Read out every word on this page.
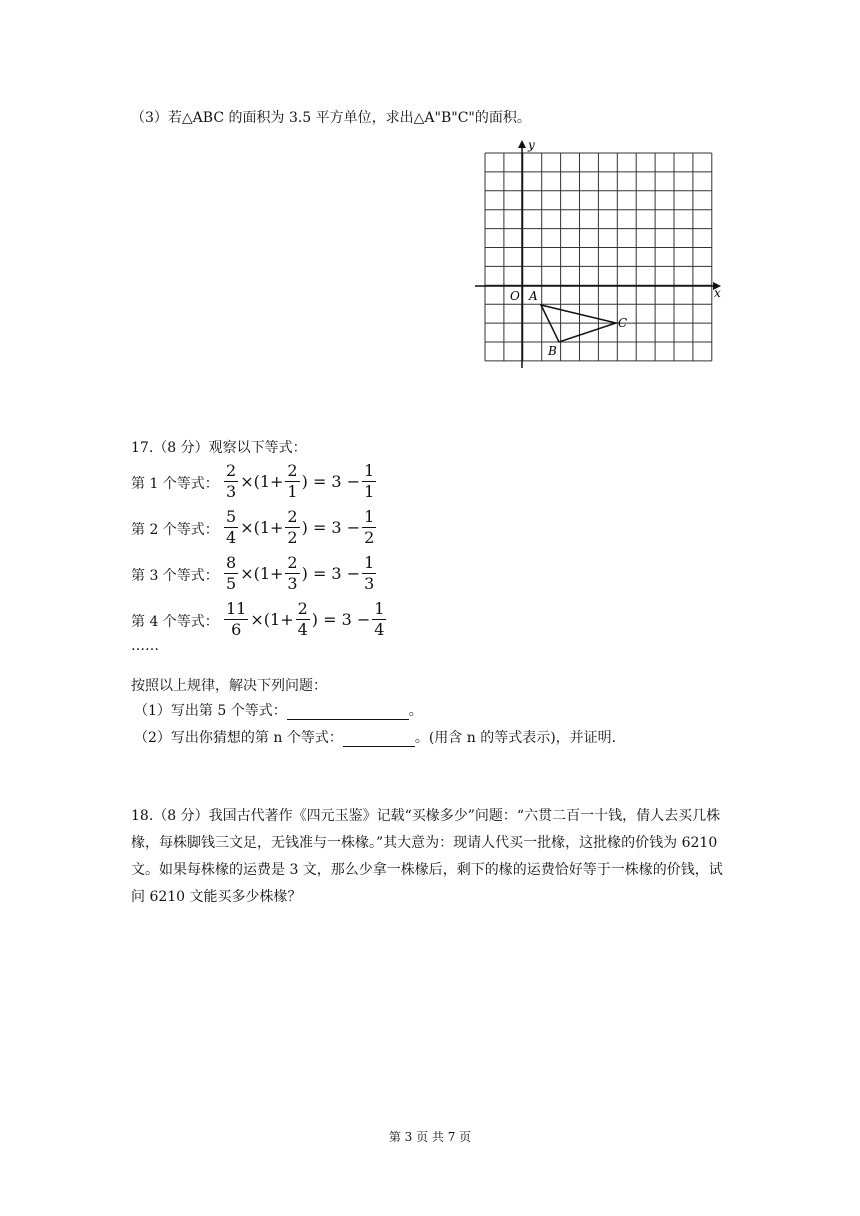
（3）若△ABC 的面积为 3.5 平方单位，求出△A"B"C"的面积。
y
x
O A
B
C
17.（8 分）观察以下等式：
第 1 个等式： $\frac{2}{3} \times(1+ \frac{2}{1}$ ) = $3 - \frac{1}{1}$
第 2 个等式： $\frac{5}{4} \times(1+ \frac{2}{2}$ ) = $3 - \frac{1}{2}$
第 3 个等式： $\frac{8}{5} \times(1+ \frac{2}{3}$ ) = $3 - \frac{1}{3}$
第 4 个等式： $\frac{11}{6} \times(1+ \frac{2}{4}$ ) = $3 - \frac{1}{4}$
……
按照以上规律，解决下列问题：
（1）写出第 5 个等式：	。
（2）写出你猜想的第 n 个等式：	。(用含 n 的等式表示)，并证明.
18.（8 分）我国古代著作《四元玉鉴》记载“买椽多少”问题：“六贯二百一十钱，倩人去买几株椽，每株脚钱三文足，无钱准与一株椽。”其大意为：现请人代买一批椽，这批椽的价钱为 6210 文。如果每株椽的运费是 3 文，那么少拿一株椽后，剩下的椽的运费恰好等于一株椽的价钱，试问 6210 文能买多少株椽？
第 3 页 共 7 页
